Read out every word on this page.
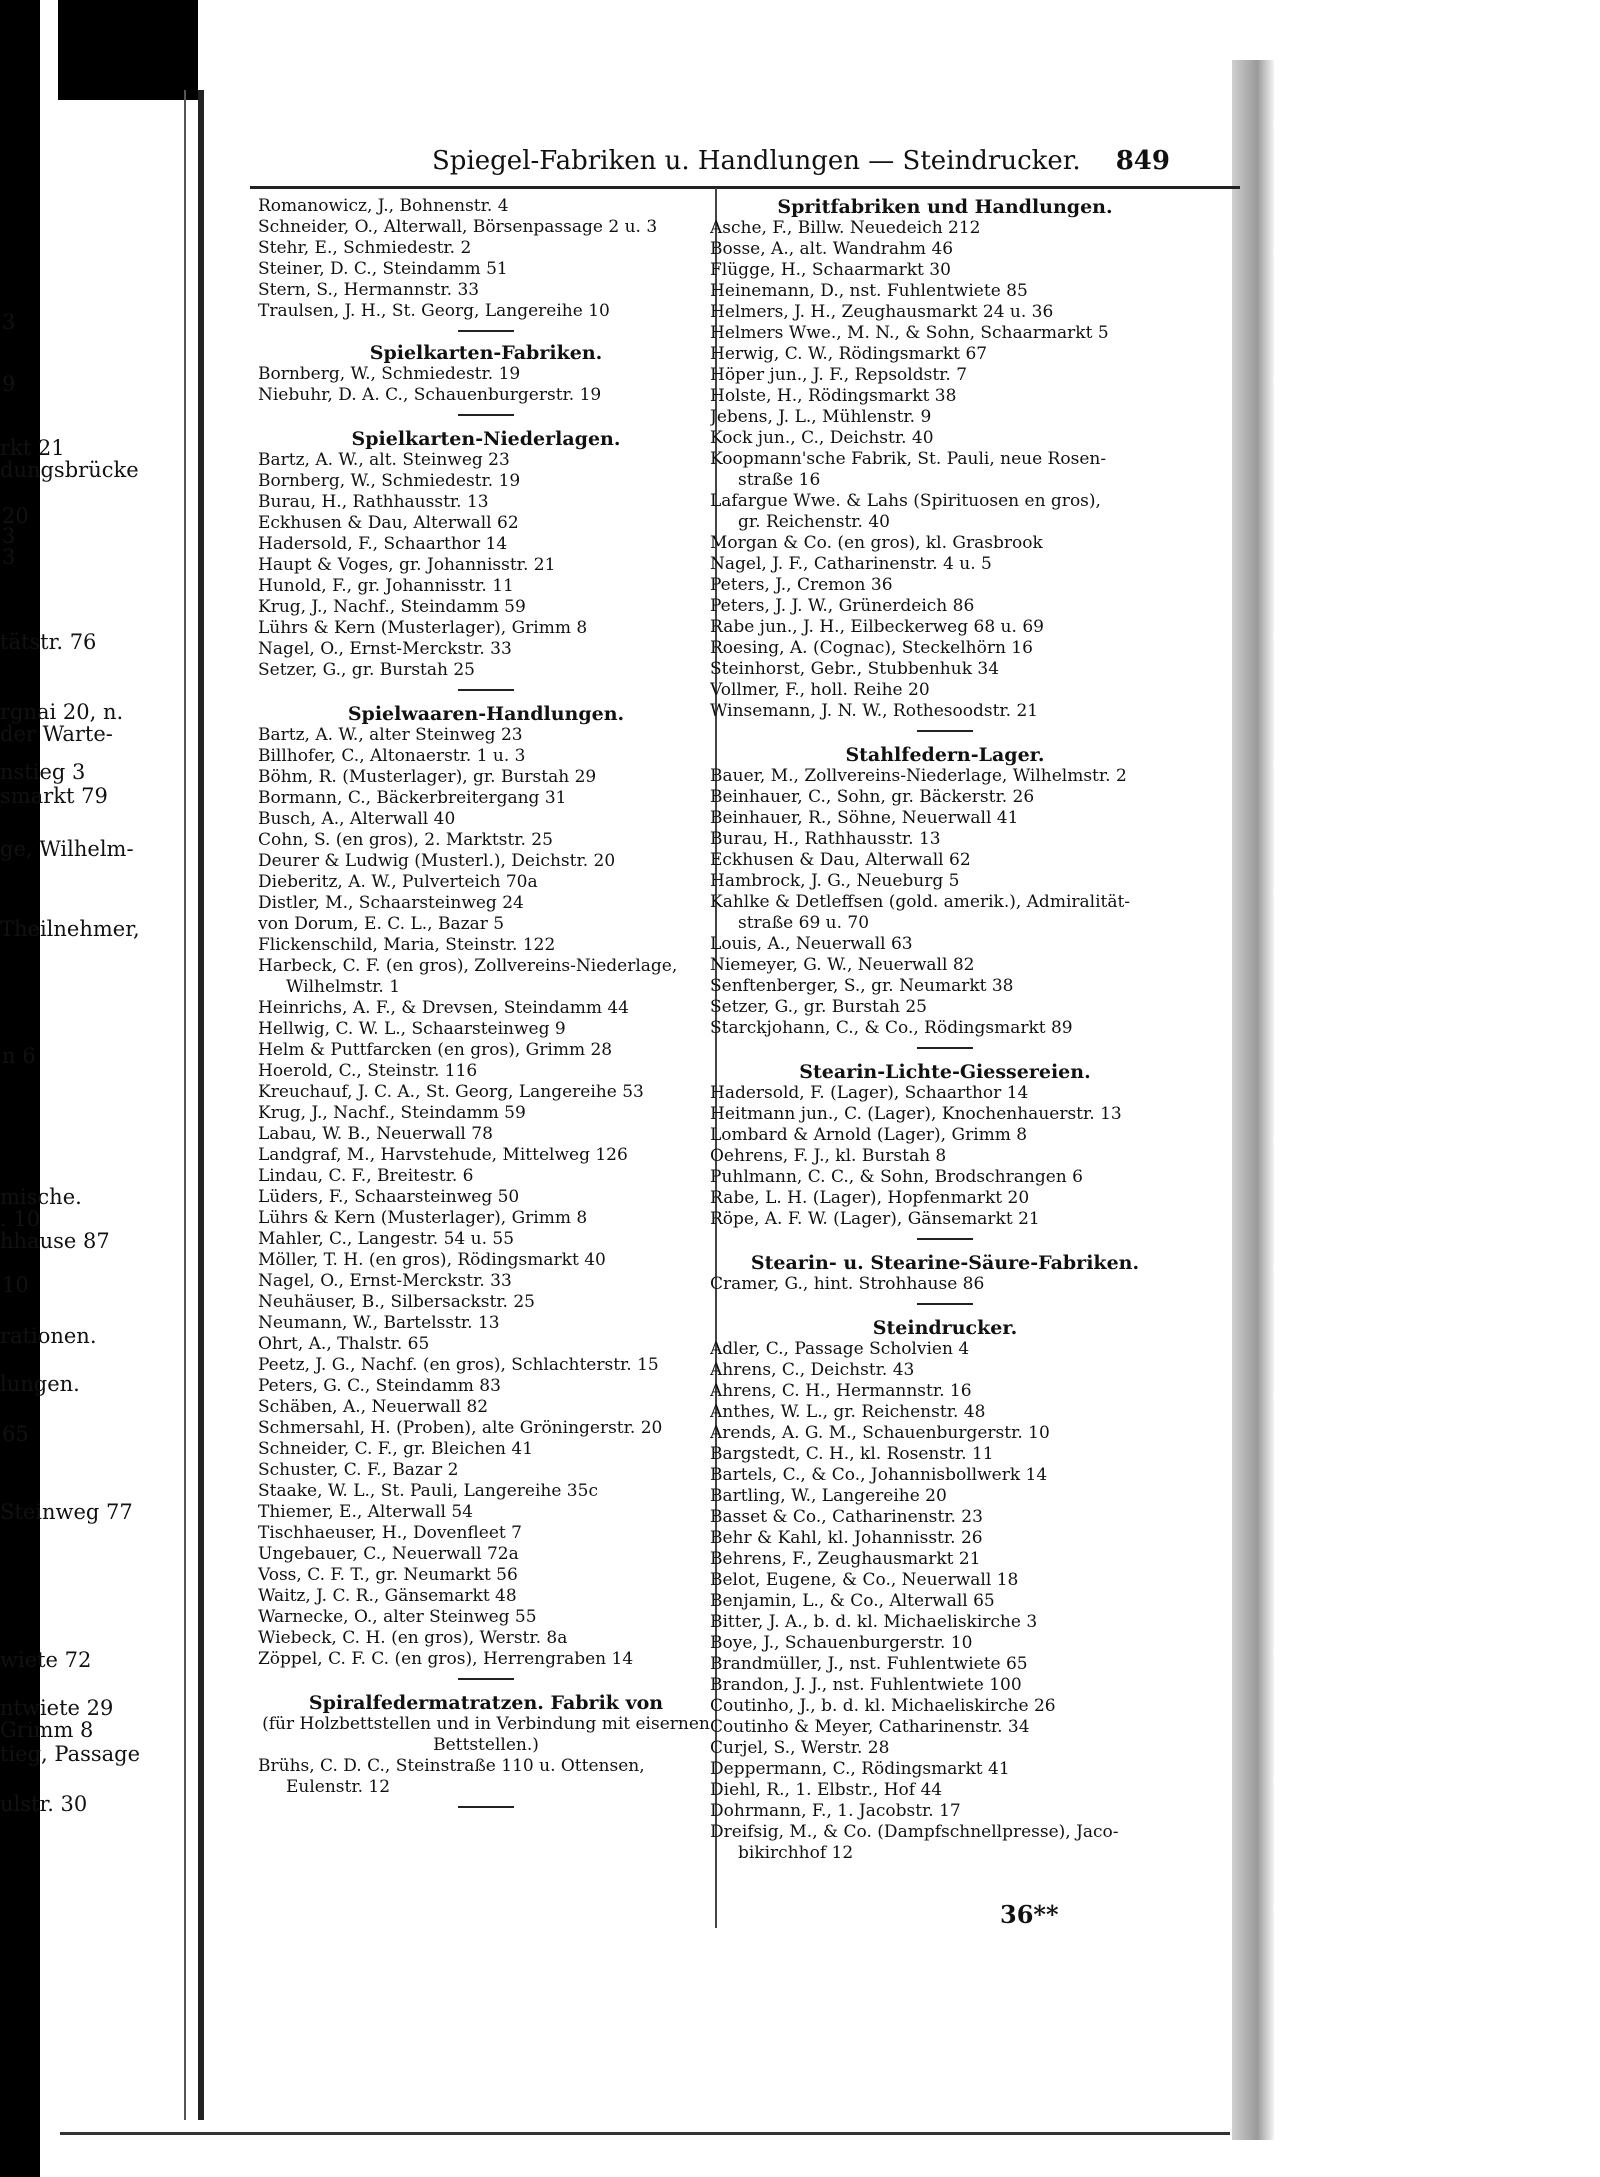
3
9
rkt 21
dungsbrücke
20
3
3
tätstr. 76
rgnai 20, n.
der Warte-
nstieg 3
smarkt 79
ge, Wilhelm-
Theilnehmer,
n 6
mische.
. 10
hhause 87
10
rationen.
lungen.
65
Steinweg 77
wiete 72
ntwiete 29
Grimm 8
tieg, Passage
ulstr. 30
Spiegel-Fabriken u. Handlungen — Steindrucker. 849
Romanowicz, J., Bohnenstr. 4
Schneider, O., Alterwall, Börsenpassage 2 u. 3
Stehr, E., Schmiedestr. 2
Steiner, D. C., Steindamm 51
Stern, S., Hermannstr. 33
Traulsen, J. H., St. Georg, Langereihe 10
Spielkarten-Fabriken.
Bornberg, W., Schmiedestr. 19
Niebuhr, D. A. C., Schauenburgerstr. 19
Spielkarten-Niederlagen.
Bartz, A. W., alt. Steinweg 23
Bornberg, W., Schmiedestr. 19
Burau, H., Rathhausstr. 13
Eckhusen & Dau, Alterwall 62
Hadersold, F., Schaarthor 14
Haupt & Voges, gr. Johannisstr. 21
Hunold, F., gr. Johannisstr. 11
Krug, J., Nachf., Steindamm 59
Lührs & Kern (Musterlager), Grimm 8
Nagel, O., Ernst-Merckstr. 33
Setzer, G., gr. Burstah 25
Spielwaaren-Handlungen.
Bartz, A. W., alter Steinweg 23
Billhofer, C., Altonaerstr. 1 u. 3
Böhm, R. (Musterlager), gr. Burstah 29
Bormann, C., Bäckerbreitergang 31
Busch, A., Alterwall 40
Cohn, S. (en gros), 2. Marktstr. 25
Deurer & Ludwig (Musterl.), Deichstr. 20
Dieberitz, A. W., Pulverteich 70a
Distler, M., Schaarsteinweg 24
von Dorum, E. C. L., Bazar 5
Flickenschild, Maria, Steinstr. 122
Harbeck, C. F. (en gros), Zollvereins-Niederlage,
Wilhelmstr. 1
Heinrichs, A. F., & Drevsen, Steindamm 44
Hellwig, C. W. L., Schaarsteinweg 9
Helm & Puttfarcken (en gros), Grimm 28
Hoerold, C., Steinstr. 116
Kreuchauf, J. C. A., St. Georg, Langereihe 53
Krug, J., Nachf., Steindamm 59
Labau, W. B., Neuerwall 78
Landgraf, M., Harvstehude, Mittelweg 126
Lindau, C. F., Breitestr. 6
Lüders, F., Schaarsteinweg 50
Lührs & Kern (Musterlager), Grimm 8
Mahler, C., Langestr. 54 u. 55
Möller, T. H. (en gros), Rödingsmarkt 40
Nagel, O., Ernst-Merckstr. 33
Neuhäuser, B., Silbersackstr. 25
Neumann, W., Bartelsstr. 13
Ohrt, A., Thalstr. 65
Peetz, J. G., Nachf. (en gros), Schlachterstr. 15
Peters, G. C., Steindamm 83
Schäben, A., Neuerwall 82
Schmersahl, H. (Proben), alte Gröningerstr. 20
Schneider, C. F., gr. Bleichen 41
Schuster, C. F., Bazar 2
Staake, W. L., St. Pauli, Langereihe 35c
Thiemer, E., Alterwall 54
Tischhaeuser, H., Dovenfleet 7
Ungebauer, C., Neuerwall 72a
Voss, C. F. T., gr. Neumarkt 56
Waitz, J. C. R., Gänsemarkt 48
Warnecke, O., alter Steinweg 55
Wiebeck, C. H. (en gros), Werstr. 8a
Zöppel, C. F. C. (en gros), Herrengraben 14
Spiralfedermatratzen. Fabrik von
(für Holzbettstellen und in Verbindung mit eisernen Bettstellen.)
Brühs, C. D. C., Steinstraße 110 u. Ottensen,
Eulenstr. 12
Spritfabriken und Handlungen.
Asche, F., Billw. Neuedeich 212
Bosse, A., alt. Wandrahm 46
Flügge, H., Schaarmarkt 30
Heinemann, D., nst. Fuhlentwiete 85
Helmers, J. H., Zeughausmarkt 24 u. 36
Helmers Wwe., M. N., & Sohn, Schaarmarkt 5
Herwig, C. W., Rödingsmarkt 67
Höper jun., J. F., Repsoldstr. 7
Holste, H., Rödingsmarkt 38
Jebens, J. L., Mühlenstr. 9
Kock jun., C., Deichstr. 40
Koopmann'sche Fabrik, St. Pauli, neue Rosen-
straße 16
Lafargue Wwe. & Lahs (Spirituosen en gros),
gr. Reichenstr. 40
Morgan & Co. (en gros), kl. Grasbrook
Nagel, J. F., Catharinenstr. 4 u. 5
Peters, J., Cremon 36
Peters, J. J. W., Grünerdeich 86
Rabe jun., J. H., Eilbeckerweg 68 u. 69
Roesing, A. (Cognac), Steckelhörn 16
Steinhorst, Gebr., Stubbenhuk 34
Vollmer, F., holl. Reihe 20
Winsemann, J. N. W., Rothesoodstr. 21
Stahlfedern-Lager.
Bauer, M., Zollvereins-Niederlage, Wilhelmstr. 2
Beinhauer, C., Sohn, gr. Bäckerstr. 26
Beinhauer, R., Söhne, Neuerwall 41
Burau, H., Rathhausstr. 13
Eckhusen & Dau, Alterwall 62
Hambrock, J. G., Neueburg 5
Kahlke & Detleffsen (gold. amerik.), Admiralität-
straße 69 u. 70
Louis, A., Neuerwall 63
Niemeyer, G. W., Neuerwall 82
Senftenberger, S., gr. Neumarkt 38
Setzer, G., gr. Burstah 25
Starckjohann, C., & Co., Rödingsmarkt 89
Stearin-Lichte-Giessereien.
Hadersold, F. (Lager), Schaarthor 14
Heitmann jun., C. (Lager), Knochenhauerstr. 13
Lombard & Arnold (Lager), Grimm 8
Oehrens, F. J., kl. Burstah 8
Puhlmann, C. C., & Sohn, Brodschrangen 6
Rabe, L. H. (Lager), Hopfenmarkt 20
Röpe, A. F. W. (Lager), Gänsemarkt 21
Stearin- u. Stearine-Säure-Fabriken.
Cramer, G., hint. Strohhause 86
Steindrucker.
Adler, C., Passage Scholvien 4
Ahrens, C., Deichstr. 43
Ahrens, C. H., Hermannstr. 16
Anthes, W. L., gr. Reichenstr. 48
Arends, A. G. M., Schauenburgerstr. 10
Bargstedt, C. H., kl. Rosenstr. 11
Bartels, C., & Co., Johannisbollwerk 14
Bartling, W., Langereihe 20
Basset & Co., Catharinenstr. 23
Behr & Kahl, kl. Johannisstr. 26
Behrens, F., Zeughausmarkt 21
Belot, Eugene, & Co., Neuerwall 18
Benjamin, L., & Co., Alterwall 65
Bitter, J. A., b. d. kl. Michaeliskirche 3
Boye, J., Schauenburgerstr. 10
Brandmüller, J., nst. Fuhlentwiete 65
Brandon, J. J., nst. Fuhlentwiete 100
Coutinho, J., b. d. kl. Michaeliskirche 26
Coutinho & Meyer, Catharinenstr. 34
Curjel, S., Werstr. 28
Deppermann, C., Rödingsmarkt 41
Diehl, R., 1. Elbstr., Hof 44
Dohrmann, F., 1. Jacobstr. 17
Dreifsig, M., & Co. (Dampfschnellpresse), Jaco-
bikirchhof 12
36**
